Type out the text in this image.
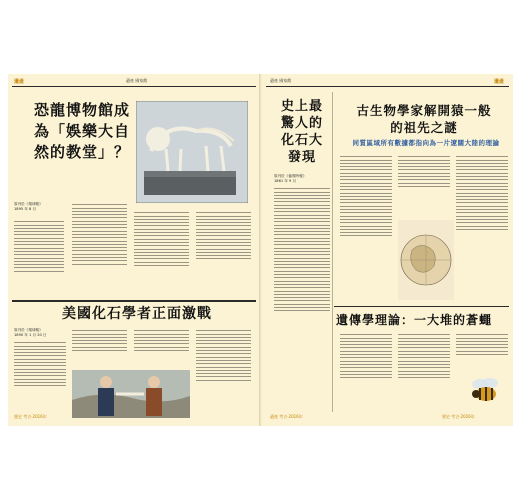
遺產	遺產 國家館
恐龍博物館成為「娛樂大自然的教堂」？
原刊於《環球報》
1895 年 8 月
美國化石學者正面激戰
原刊於《環球報》
1890 年 1 月 20 日
歷史 考古·2016年
遺產 國家館	遺產
史上最驚人的化石大發現
原刊於《倫敦時報》
1861 年 9 月
古生物學家解開猿一般的祖先之謎
同質區域所有數據都指向為一片遼闊大陸的理論
遺傳學理論：一大堆的蒼蠅
遺產 考古·2016年	歷史 考古·2016年
